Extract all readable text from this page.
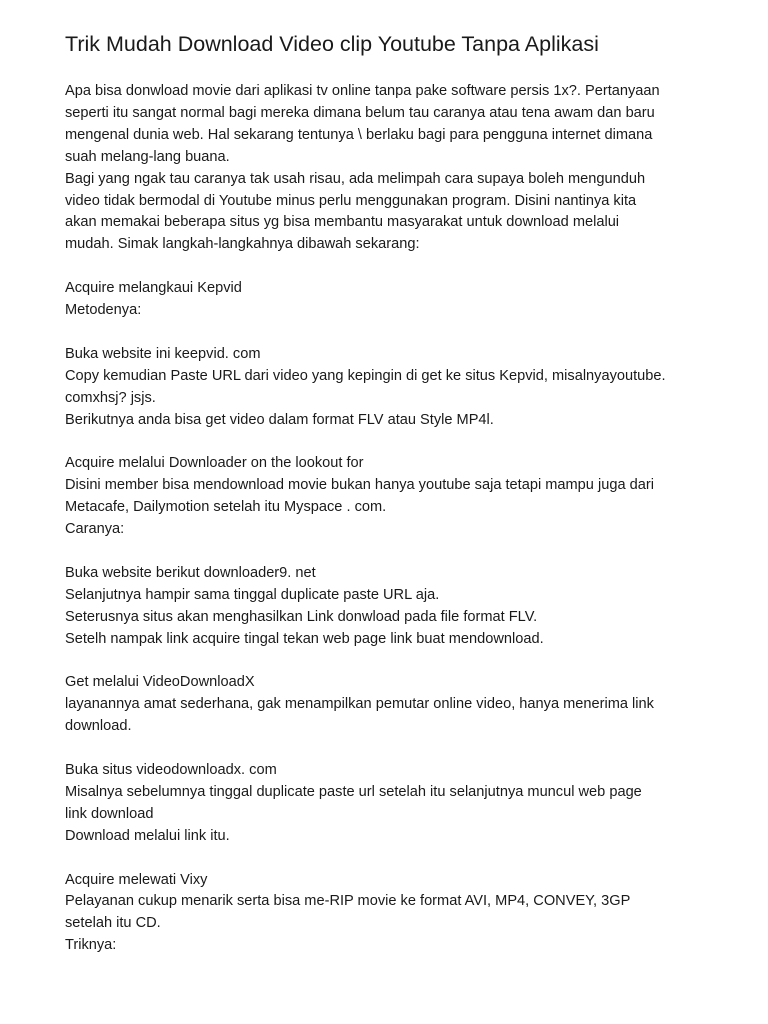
Trik Mudah Download Video clip Youtube Tanpa Aplikasi

Apa bisa donwload movie dari aplikasi tv online tanpa pake software persis 1x?. Pertanyaan
seperti itu sangat normal bagi mereka dimana belum tau caranya atau tena awam dan baru
mengenal dunia web. Hal sekarang tentunya \ berlaku bagi para pengguna internet dimana
suah melang-lang buana.
Bagi yang ngak tau caranya tak usah risau, ada melimpah cara supaya boleh mengunduh
video tidak bermodal di Youtube minus perlu menggunakan program. Disini nantinya kita
akan memakai beberapa situs yg bisa membantu masyarakat untuk download melalui
mudah. Simak langkah-langkahnya dibawah sekarang:

Acquire melangkaui Kepvid
Metodenya:

Buka website ini keepvid. com
Copy kemudian Paste URL dari video yang kepingin di get ke situs Kepvid, misalnyayoutube.
comxhsj? jsjs.
Berikutnya anda bisa get video dalam format FLV atau Style MP4l.

Acquire melalui Downloader on the lookout for
Disini member bisa mendownload movie bukan hanya youtube saja tetapi mampu juga dari
Metacafe, Dailymotion setelah itu Myspace . com.
Caranya:

Buka website berikut downloader9. net
Selanjutnya hampir sama tinggal duplicate paste URL aja.
Seterusnya situs akan menghasilkan Link donwload pada file format FLV.
Setelh nampak link acquire tingal tekan web page link buat mendownload.

Get melalui VideoDownloadX
layanannya amat sederhana, gak menampilkan pemutar online video, hanya menerima link
download.

Buka situs videodownloadx. com
Misalnya sebelumnya tinggal duplicate paste url setelah itu selanjutnya muncul web page
link download
Download melalui link itu.

Acquire melewati Vixy
Pelayanan cukup menarik serta bisa me-RIP movie ke format AVI, MP4, CONVEY, 3GP
setelah itu CD.
Triknya:
